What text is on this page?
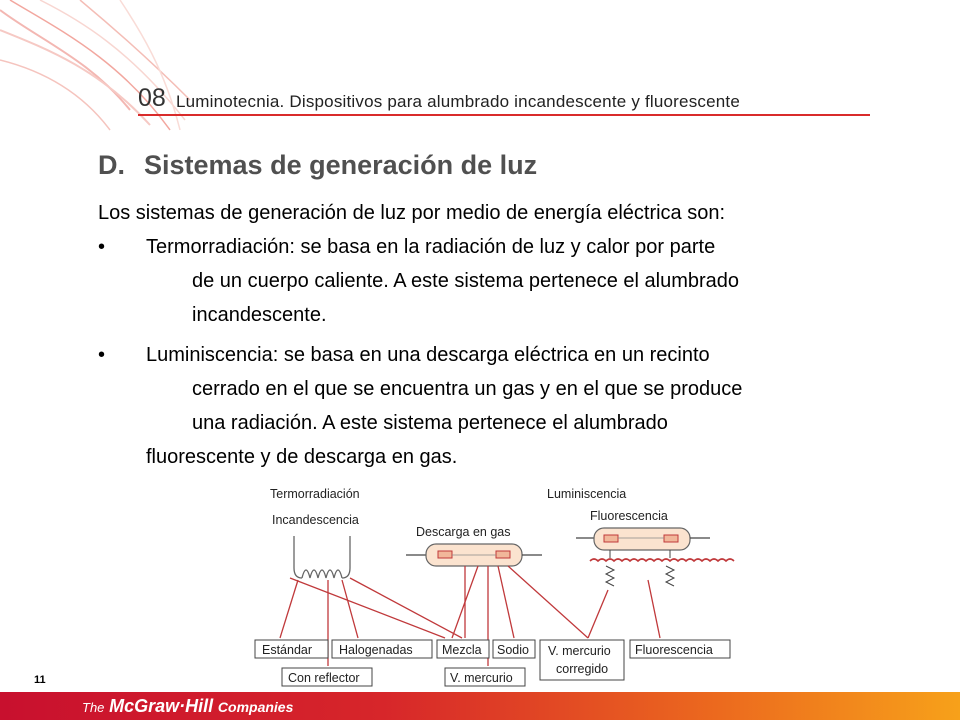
08 Luminotecnia. Dispositivos para alumbrado incandescente y fluorescente
D. Sistemas de generación de luz
Los sistemas de generación de luz por medio de energía eléctrica son:
• Termorradiación: se basa en la radiación de luz y calor por parte
de un cuerpo caliente. A este sistema pertenece el alumbrado
incandescente.
• Luminiscencia: se basa en una descarga eléctrica en un recinto
cerrado en el que se encuentra un gas y en el que se produce
una radiación. A este sistema pertenece el alumbrado
fluorescente y de descarga en gas.
Termorradiación
Incandescencia
Luminiscencia
Descarga en gas
Fluorescencia
Estándar Halogenadas Mezcla Sodio V. mercurio
corregido
Fluorescencia
Con reflector	V. mercurio
11
The McGraw·Hill Companies
